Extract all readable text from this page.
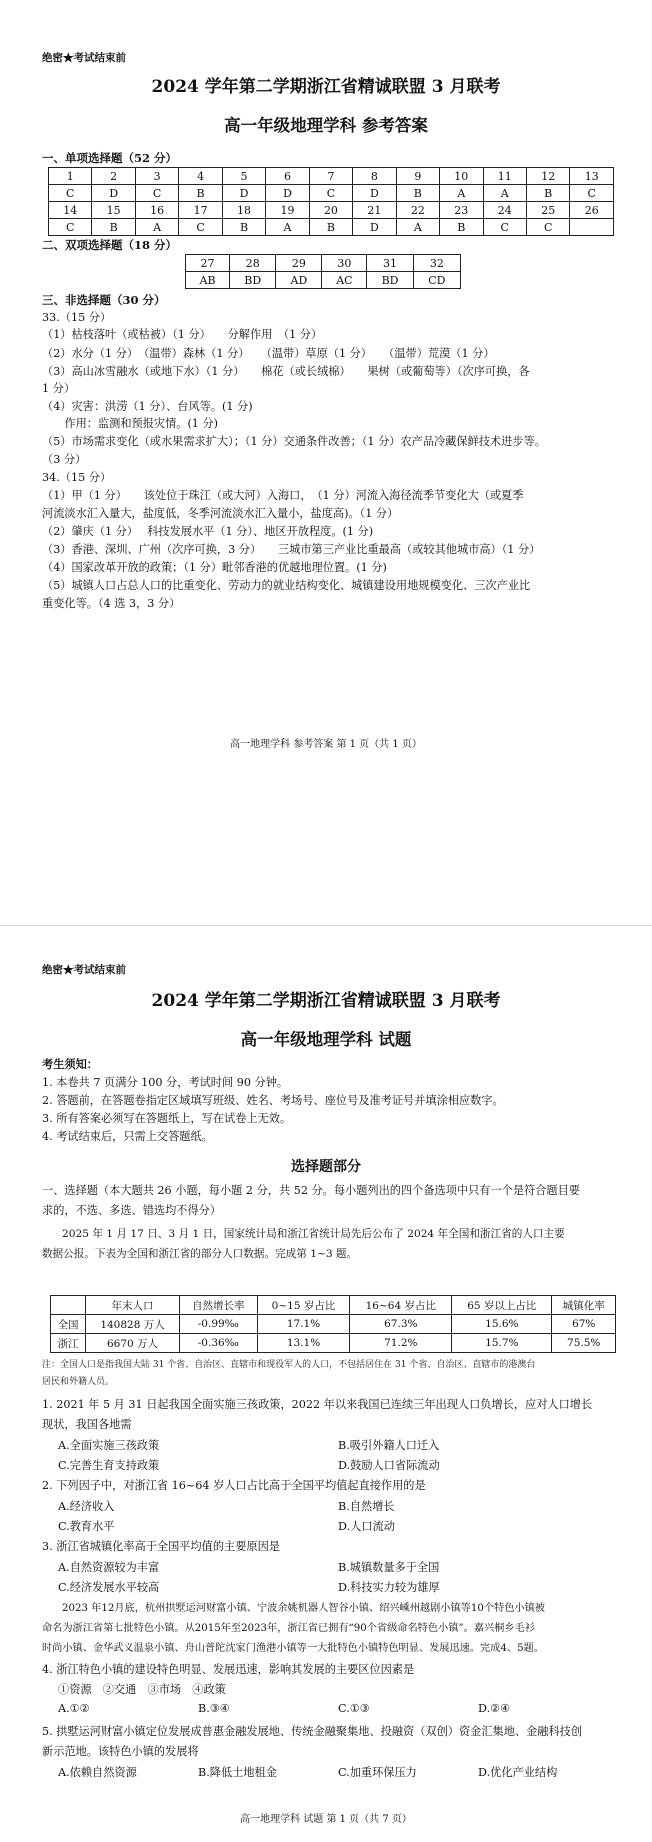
绝密★考试结束前
2024 学年第二学期浙江省精诚联盟 3 月联考
高一年级地理学科 参考答案
一、单项选择题（52 分）
1	2	3	4	5	6	7	8	9	10	11	12	13
C	D	C	B	D	D	C	D	B	A	A	B	C
14	15	16	17	18	19	20	21	22	23	24	25	26
C	B	A	C	B	A	B	D	A	B	C	C	
二、双项选择题（18 分）
27	28	29	30	31	32
AB	BD	AD	AC	BD	CD
三、非选择题（30 分）
33.（15 分）
（1）枯枝落叶（或枯被）（1 分）　　分解作用　（1 分）
（2）水分（1 分）　（温带）森林（1 分）　　（温带）草原（1 分）　　（温带）荒漠（1 分）
（3）高山冰雪融水（或地下水）（1 分）　　棉花（或长绒棉）　　果树（或葡萄等）（次序可换，各
1 分）
（4）灾害：洪涝（1 分）、台风等。(1 分)
　　作用：监测和预报灾情。(1 分)
（5）市场需求变化（或水果需求扩大）；（1 分）交通条件改善；（1 分）农产品冷藏保鲜技术进步等。
（3 分）
34.（15 分）
（1）甲（1 分）　　该处位于珠江（或大河）入海口，　（1 分）河流入海径流季节变化大（或夏季
河流淡水汇入量大，盐度低，冬季河流淡水汇入量小，盐度高)。（1 分）
（2）肇庆（1 分）　 科技发展水平（1 分）、地区开放程度。(1 分)
（3）香港、深圳、广州（次序可换，3 分）　　三城市第三产业比重最高（或较其他城市高）（1 分）
（4）国家改革开放的政策；（1 分）毗邻香港的优越地理位置。(1 分)
（5）城镇人口占总人口的比重变化、劳动力的就业结构变化、城镇建设用地规模变化、三次产业比
重变化等。（4 选 3，3 分）
高一地理学科 参考答案 第 1 页（共 1 页）
绝密★考试结束前
2024 学年第二学期浙江省精诚联盟 3 月联考
高一年级地理学科 试题
考生须知：
1. 本卷共 7 页满分 100 分，考试时间 90 分钟。
2. 答题前，在答题卷指定区域填写班级、姓名、考场号、座位号及准考证号并填涂相应数字。
3. 所有答案必须写在答题纸上，写在试卷上无效。
4. 考试结束后，只需上交答题纸。
选择题部分
一、选择题（本大题共 26 小题，每小题 2 分，共 52 分。每小题列出的四个备选项中只有一个是符合题目要
求的，不选、多选、错选均不得分）
2025 年 1 月 17 日、3 月 1 日，国家统计局和浙江省统计局先后公布了 2024 年全国和浙江省的人口主要
数据公报。下表为全国和浙江省的部分人口数据。完成第 1~3 题。
	年末人口	自然增长率	0~15 岁占比	16~64 岁占比	65 岁以上占比	城镇化率
全国	140828 万人	-0.99‰	17.1%	67.3%	15.6%	67%
浙江	6670 万人	-0.36‰	13.1%	71.2%	15.7%	75.5%
注：全国人口是指我国大陆 31 个省、自治区、直辖市和现役军人的人口，不包括居住在 31 个省、自治区、直辖市的港澳台
居民和外籍人员。
1. 2021 年 5 月 31 日起我国全面实施三孩政策，2022 年以来我国已连续三年出现人口负增长，应对人口增长
现状，我国各地需
A.全面实施三孩政策	B.吸引外籍人口迁入
C.完善生育支持政策	D.鼓励人口省际流动
2. 下列因子中，对浙江省 16~64 岁人口占比高于全国平均值起直接作用的是
A.经济收入	B.自然增长
C.教育水平	D.人口流动
3. 浙江省城镇化率高于全国平均值的主要原因是
A.自然资源较为丰富	B.城镇数量多于全国
C.经济发展水平较高	D.科技实力较为雄厚
2023 年12月底，杭州拱墅运河财富小镇、宁波余姚机器人智谷小镇、绍兴嵊州越剧小镇等10个特色小镇被
命名为浙江省第七批特色小镇。从2015年至2023年，浙江省已拥有“90个省级命名特色小镇”。嘉兴桐乡毛衫
时尚小镇、金华武义温泉小镇、舟山普陀沈家门渔港小镇等一大批特色小镇特色明显、发展迅速。完成4、5题。
4. 浙江特色小镇的建设特色明显、发展迅速，影响其发展的主要区位因素是
①资源　②交通　③市场　④政策
A.①②	B.③④	C.①③	D.②④
5. 拱墅运河财富小镇定位发展成普惠金融发展地、传统金融聚集地、投融资（双创）资金汇集地、金融科技创
新示范地。该特色小镇的发展将
A.依赖自然资源	B.降低土地租金	C.加重环保压力	D.优化产业结构
高一地理学科 试题 第 1 页（共 7 页）
